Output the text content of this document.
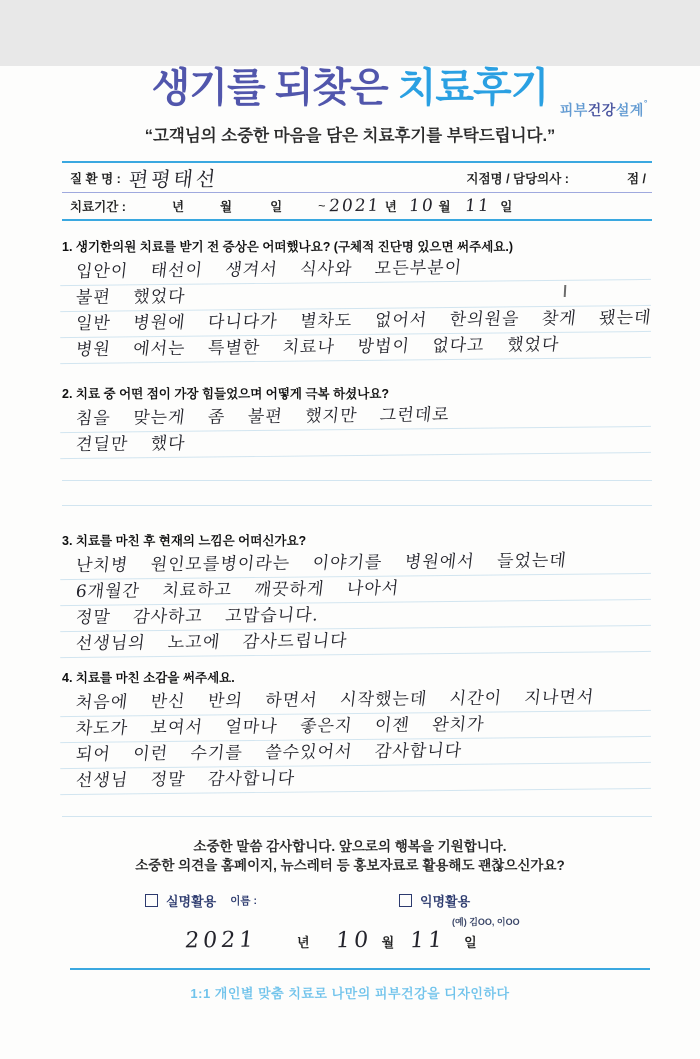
피부건강설계°
생기를 되찾은 치료후기
“고객님의 소중한 마음을 담은 치료후기를 부탁드립니다.”
질 환 명 : 편평태선	지점명 / 담당의사 :	점 /
치료기간 :	년	월	일	~ 2021 년 10 월 11 일
1. 생기한의원 치료를 받기 전 증상은 어떠했나요? (구체적 진단명 있으면 써주세요.)
입안이 태선이 생겨서 식사와 모든부분이
불편 했었다
일반 병원에 다니다가 별차도 없어서 한의원을 찾게 됐는데
병원 에서는 특별한 치료나 방법이 없다고 했었다
2. 치료 중 어떤 점이 가장 힘들었으며 어떻게 극복 하셨나요?
침을 맞는게 좀 불편 했지만 그런데로
견딜만 했다
3. 치료를 마친 후 현재의 느낌은 어떠신가요?
난치병 원인모를병이라는 이야기를 병원에서 들었는데
6개월간 치료하고 깨끗하게 나아서
정말 감사하고 고맙습니다.
선생님의 노고에 감사드립니다
4. 치료를 마친 소감을 써주세요.
처음에 반신 반의 하면서 시작했는데 시간이 지나면서
차도가 보여서 얼마나 좋은지 이젠 완치가
되어 이런 수기를 쓸수있어서 감사합니다
선생님 정말 감사합니다
소중한 말씀 감사합니다. 앞으로의 행복을 기원합니다.
소중한 의견을 홈페이지, 뉴스레터 등 홍보자료로 활용해도 괜찮으신가요?
실명활용 이름 :	익명활용
(예) 김OO, 이OO
2021	년 10 월 11 일
1:1 개인별 맞춤 치료로 나만의 피부건강을 디자인하다
